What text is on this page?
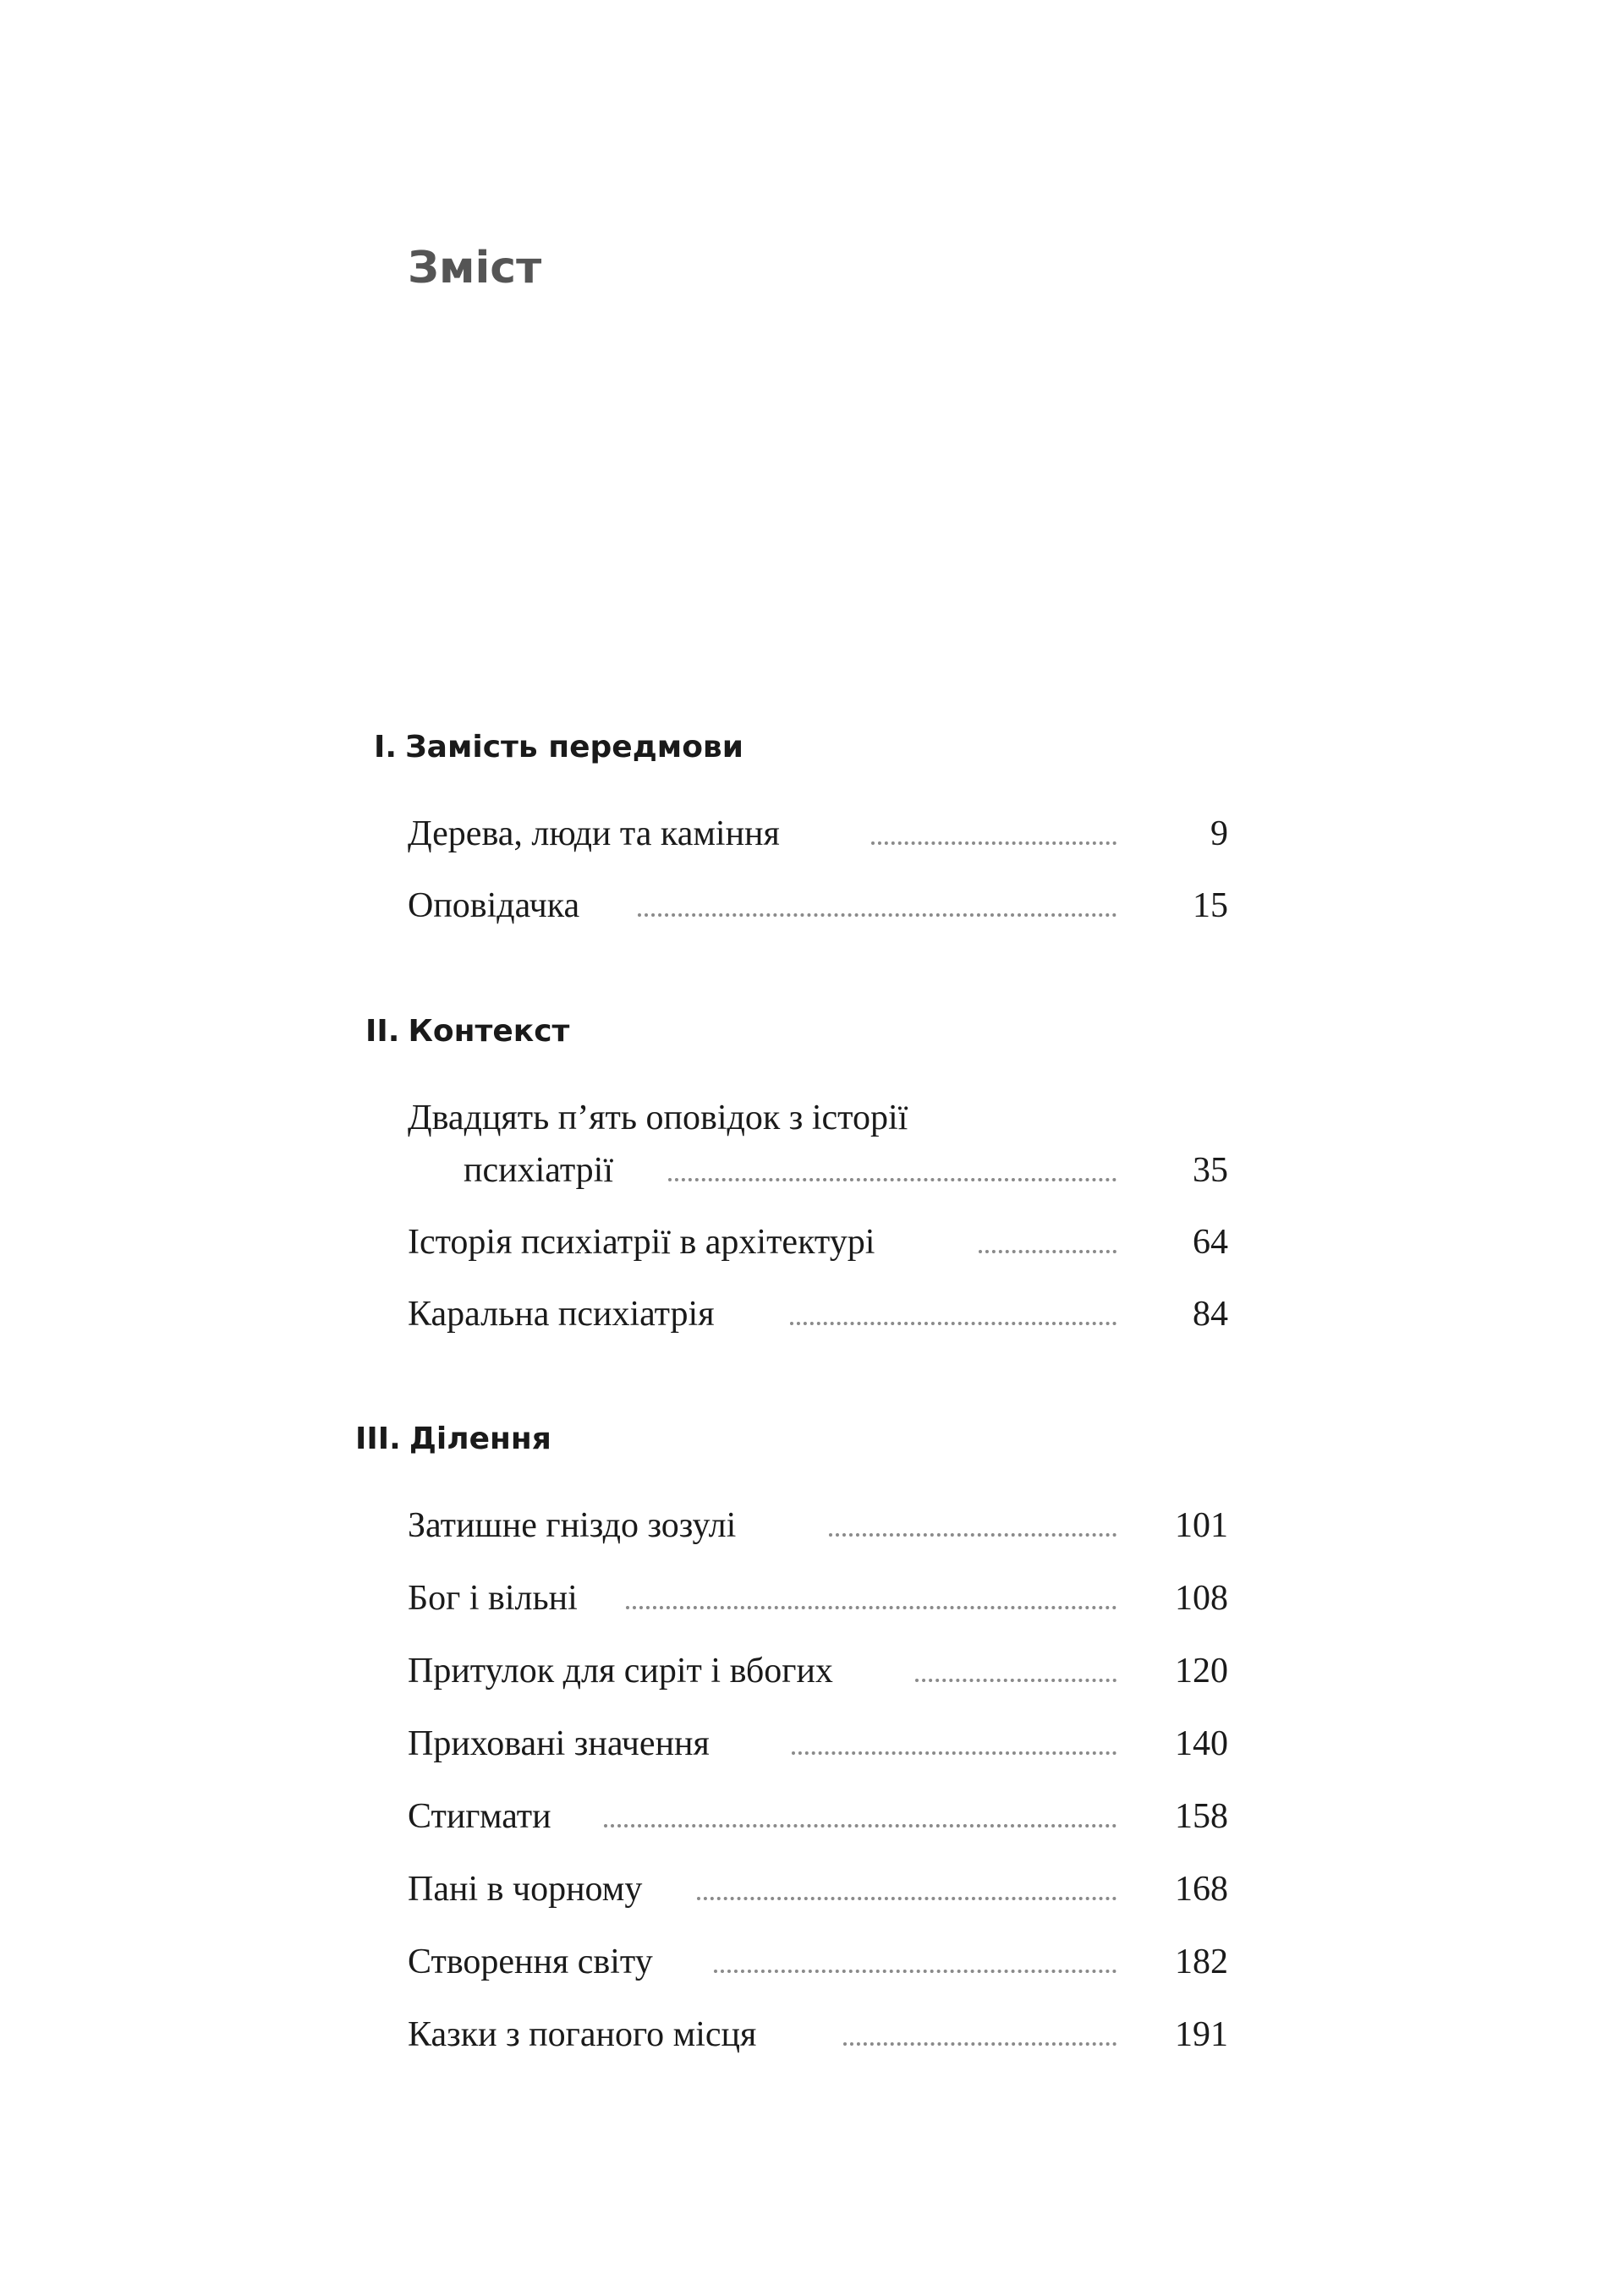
Зміст
I. Замість передмови
Дерева, люди та каміння	9
Оповідачка	15
II. Контекст
Двадцять п’ять оповідок з історії
психіатрії	35
Історія психіатрії в архітектурі	64
Каральна психіатрія	84
III. Ділення
Затишне гніздо зозулі	101
Бог і вільні	108
Притулок для сиріт і вбогих	120
Приховані значення	140
Стигмати	158
Пані в чорному	168
Створення світу	182
Казки з поганого місця	191
